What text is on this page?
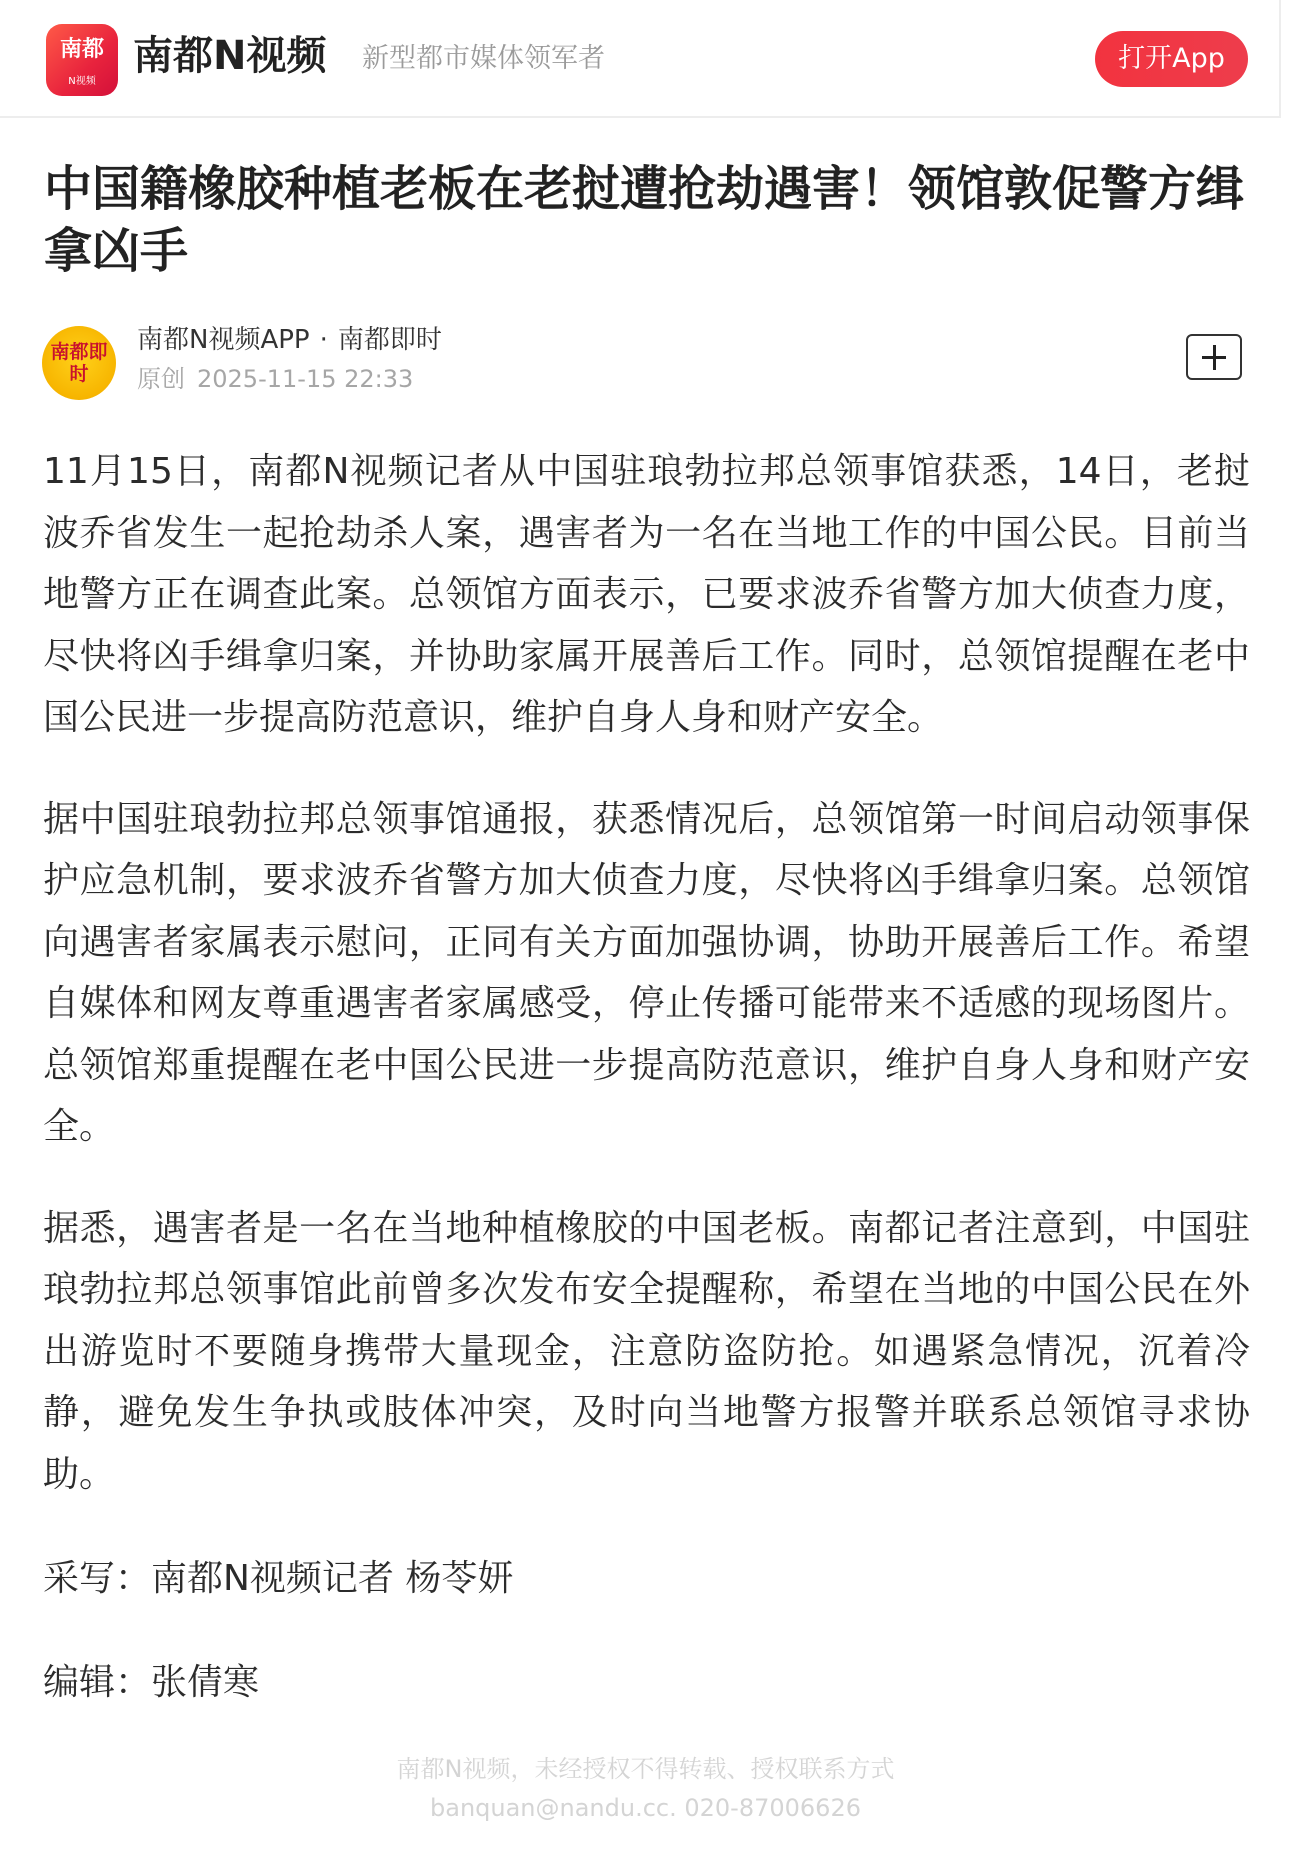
南都
N视频
南都N视频 新型都市媒体领军者	打开App
中国籍橡胶种植老板在老挝遭抢劫遇害！领馆敦促警方缉拿凶手
南都即时
南都N视频APP · 南都即时
原创 2025-11-15 22:33

11月15日，南都N视频记者从中国驻琅勃拉邦总领事馆获悉，14日，老挝波乔省发生一起抢劫杀人案，遇害者为一名在当地工作的中国公民。目前当地警方正在调查此案。总领馆方面表示，已要求波乔省警方加大侦查力度，尽快将凶手缉拿归案，并协助家属开展善后工作。同时，总领馆提醒在老中国公民进一步提高防范意识，维护自身人身和财产安全。

据中国驻琅勃拉邦总领事馆通报，获悉情况后，总领馆第一时间启动领事保护应急机制，要求波乔省警方加大侦查力度，尽快将凶手缉拿归案。总领馆向遇害者家属表示慰问，正同有关方面加强协调，协助开展善后工作。希望自媒体和网友尊重遇害者家属感受，停止传播可能带来不适感的现场图片。总领馆郑重提醒在老中国公民进一步提高防范意识，维护自身人身和财产安全。

据悉，遇害者是一名在当地种植橡胶的中国老板。南都记者注意到，中国驻琅勃拉邦总领事馆此前曾多次发布安全提醒称，希望在当地的中国公民在外出游览时不要随身携带大量现金，注意防盗防抢。如遇紧急情况，沉着冷静，避免发生争执或肢体冲突，及时向当地警方报警并联系总领馆寻求协助。

采写：南都N视频记者 杨苓妍
编辑：张倩寒
南都N视频，未经授权不得转载、授权联系方式
banquan@nandu.cc. 020-87006626
